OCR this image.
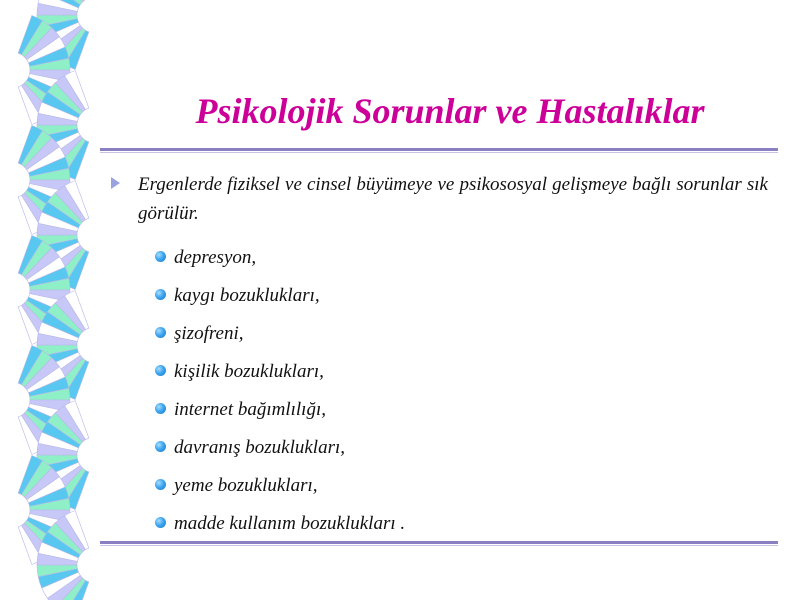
Psikolojik Sorunlar ve Hastalıklar
Ergenlerde fiziksel ve cinsel büyümeye ve psikososyal gelişmeye bağlı sorunlar sık görülür.
depresyon,
kaygı bozuklukları,
şizofreni,
kişilik bozuklukları,
internet bağımlılığı,
davranış bozuklukları,
yeme bozuklukları,
madde kullanım bozuklukları .
